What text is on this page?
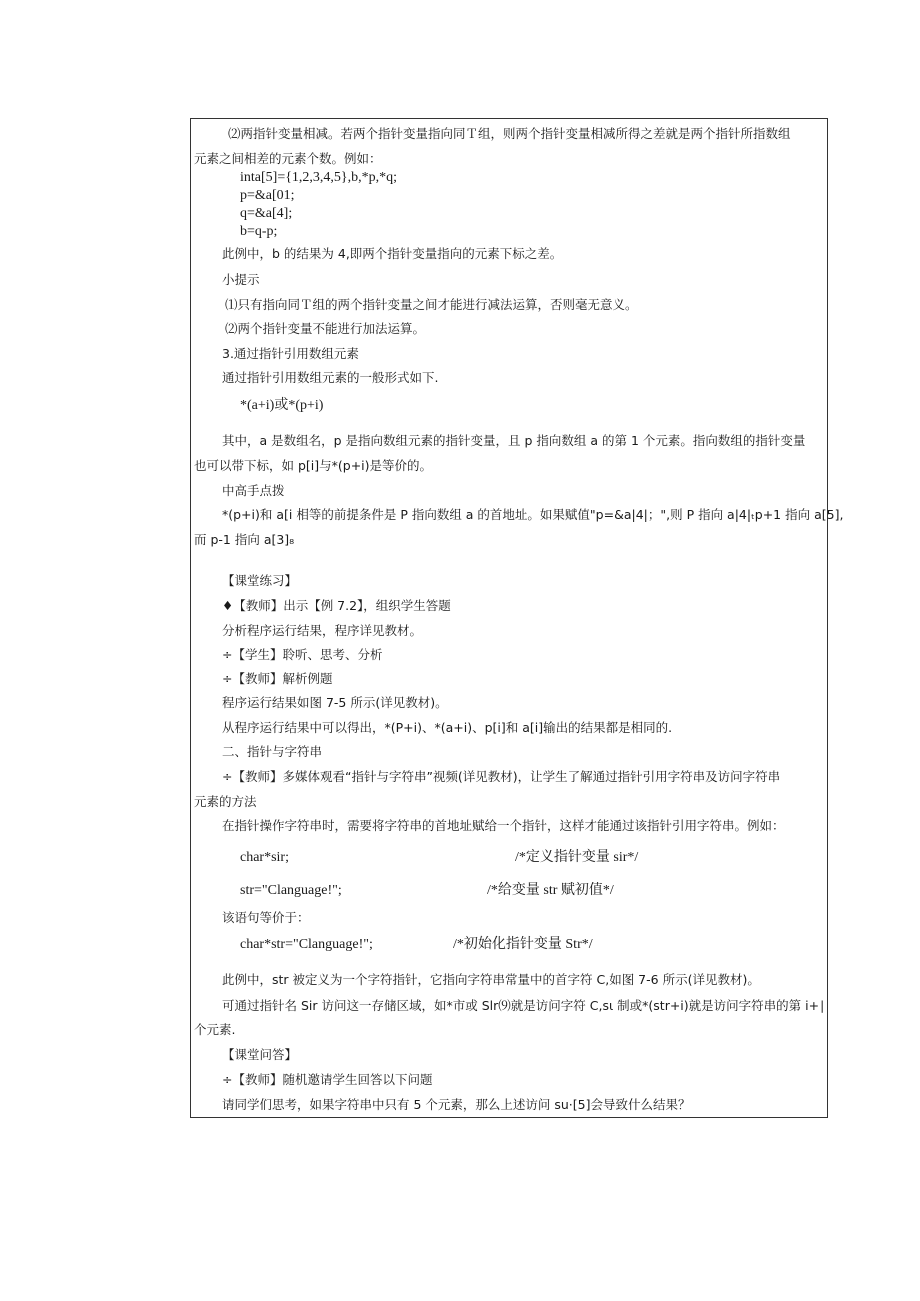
⑵两指针变量相减。若两个指针变量指向同Ｔ组，则两个指针变量相减所得之差就是两个指针所指数组
元素之间相差的元素个数。例如：
inta[5]={1,2,3,4,5},b,*p,*q;
p=&a[01;
q=&a[4];
b=q-p;
此例中，b 的结果为 4,即两个指针变量指向的元素下标之差。
小提示
⑴只有指向同Ｔ组的两个指针变量之间才能进行减法运算，否则毫无意义。
⑵两个指针变量不能进行加法运算。
3.通过指针引用数组元素
通过指针引用数组元素的一般形式如下.
*(a+i)或*(p+i)
其中，a 是数组名，p 是指向数组元素的指针变量，且 p 指向数组 a 的第 1 个元素。指向数组的指针变量
也可以带下标，如 p[i]与*(p+i)是等价的。
中高手点拨
*(p+i)和 a[i 相等的前提条件是 P 指向数组 a 的首地址。如果赋值"p=&a|4|；",则 P 指向 a|4|ₜp+1 指向 a[5],
而 p-1 指向 a[3]₈
【课堂练习】
♦【教师】出示【例 7.2】，组织学生答题
分析程序运行结果，程序详见教材。
÷【学生】聆听、思考、分析
÷【教师】解析例题
程序运行结果如图 7-5 所示(详见教材)。
从程序运行结果中可以得出，*(P+i)、*(a+i)、p[i]和 a[i]输出的结果都是相同的.
二、指针与字符串
÷【教师】多媒体观看“指针与字符串”视频(详见教材)，让学生了解通过指针引用字符串及访问字符串
元素的方法
在指针操作字符串时，需要将字符串的首地址赋给一个指针，这样才能通过该指针引用字符串。例如：
char*sir;	/*定义指针变量 sir*/
str="Clanguage!";	/*给变量 str 赋初值*/
该语句等价于：
char*str="Clanguage!";	/*初始化指针变量 Str*/
此例中，str 被定义为一个字符指针，它指向字符串常量中的首字符 C,如图 7-6 所示(详见教材)。
可通过指针名 Sir 访问这一存储区域，如*市或 Slr⑼就是访问字符 C,sι 制或*(str+i)就是访问字符串的第 i+∣
个元素.
【课堂问答】
÷【教师】随机邀请学生回答以下问题
请同学们思考，如果字符串中只有 5 个元素，那么上述访问 su·[5]会导致什么结果？
